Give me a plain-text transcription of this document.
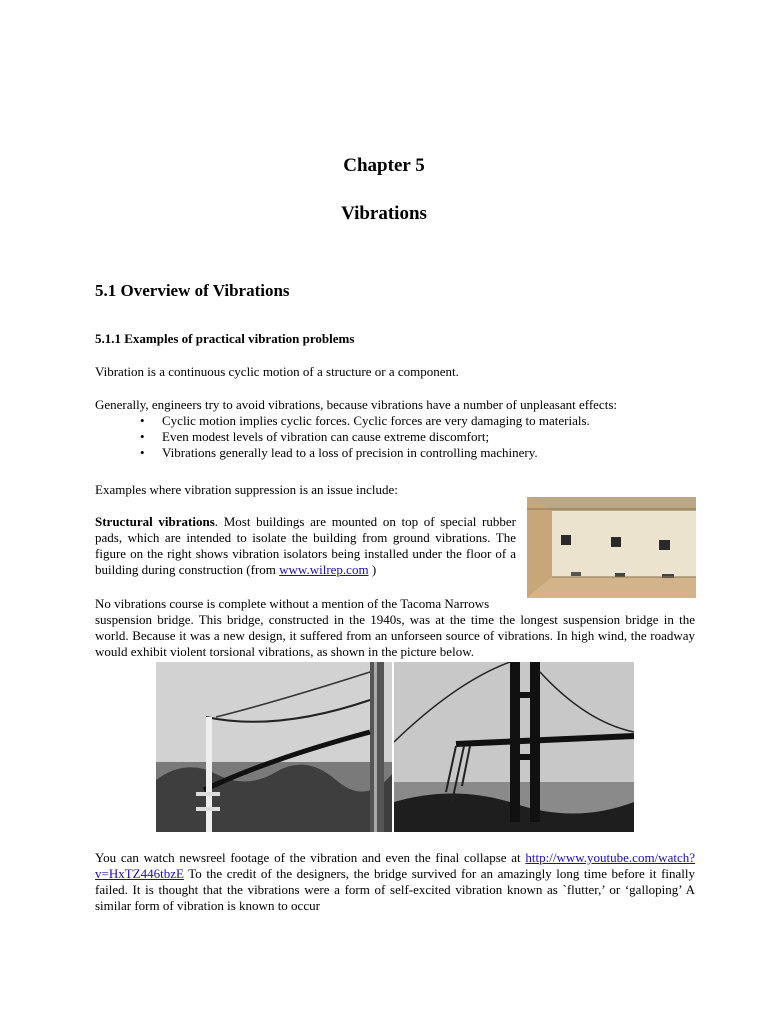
Chapter 5
Vibrations
5.1 Overview of Vibrations
5.1.1 Examples of practical vibration problems

Vibration is a continuous cyclic motion of a structure or a component.

Generally, engineers try to avoid vibrations, because vibrations have a number of unpleasant effects:

• Cyclic motion implies cyclic forces. Cyclic forces are very damaging to materials.
• Even modest levels of vibration can cause extreme discomfort;
• Vibrations generally lead to a loss of precision in controlling machinery.

Examples where vibration suppression is an issue include:

Structural vibrations. Most buildings are mounted on top of special rubber pads, which are intended to isolate the building from ground vibrations. The figure on the right shows vibration isolators being installed under the floor of a building during construction (from www.wilrep.com )

No vibrations course is complete without a mention of the Tacoma Narrows

suspension bridge. This bridge, constructed in the 1940s, was at the time the longest suspension bridge in the world. Because it was a new design, it suffered from an unforseen source of vibrations. In high wind, the roadway would exhibit violent torsional vibrations, as shown in the picture below.

You can watch newsreel footage of the vibration and even the final collapse at http://www.youtube.com/watch?v=HxTZ446tbzE To the credit of the designers, the bridge survived for an amazingly long time before it finally failed. It is thought that the vibrations were a form of self-excited vibration known as `flutter,’ or ‘galloping’ A similar form of vibration is known to occur
